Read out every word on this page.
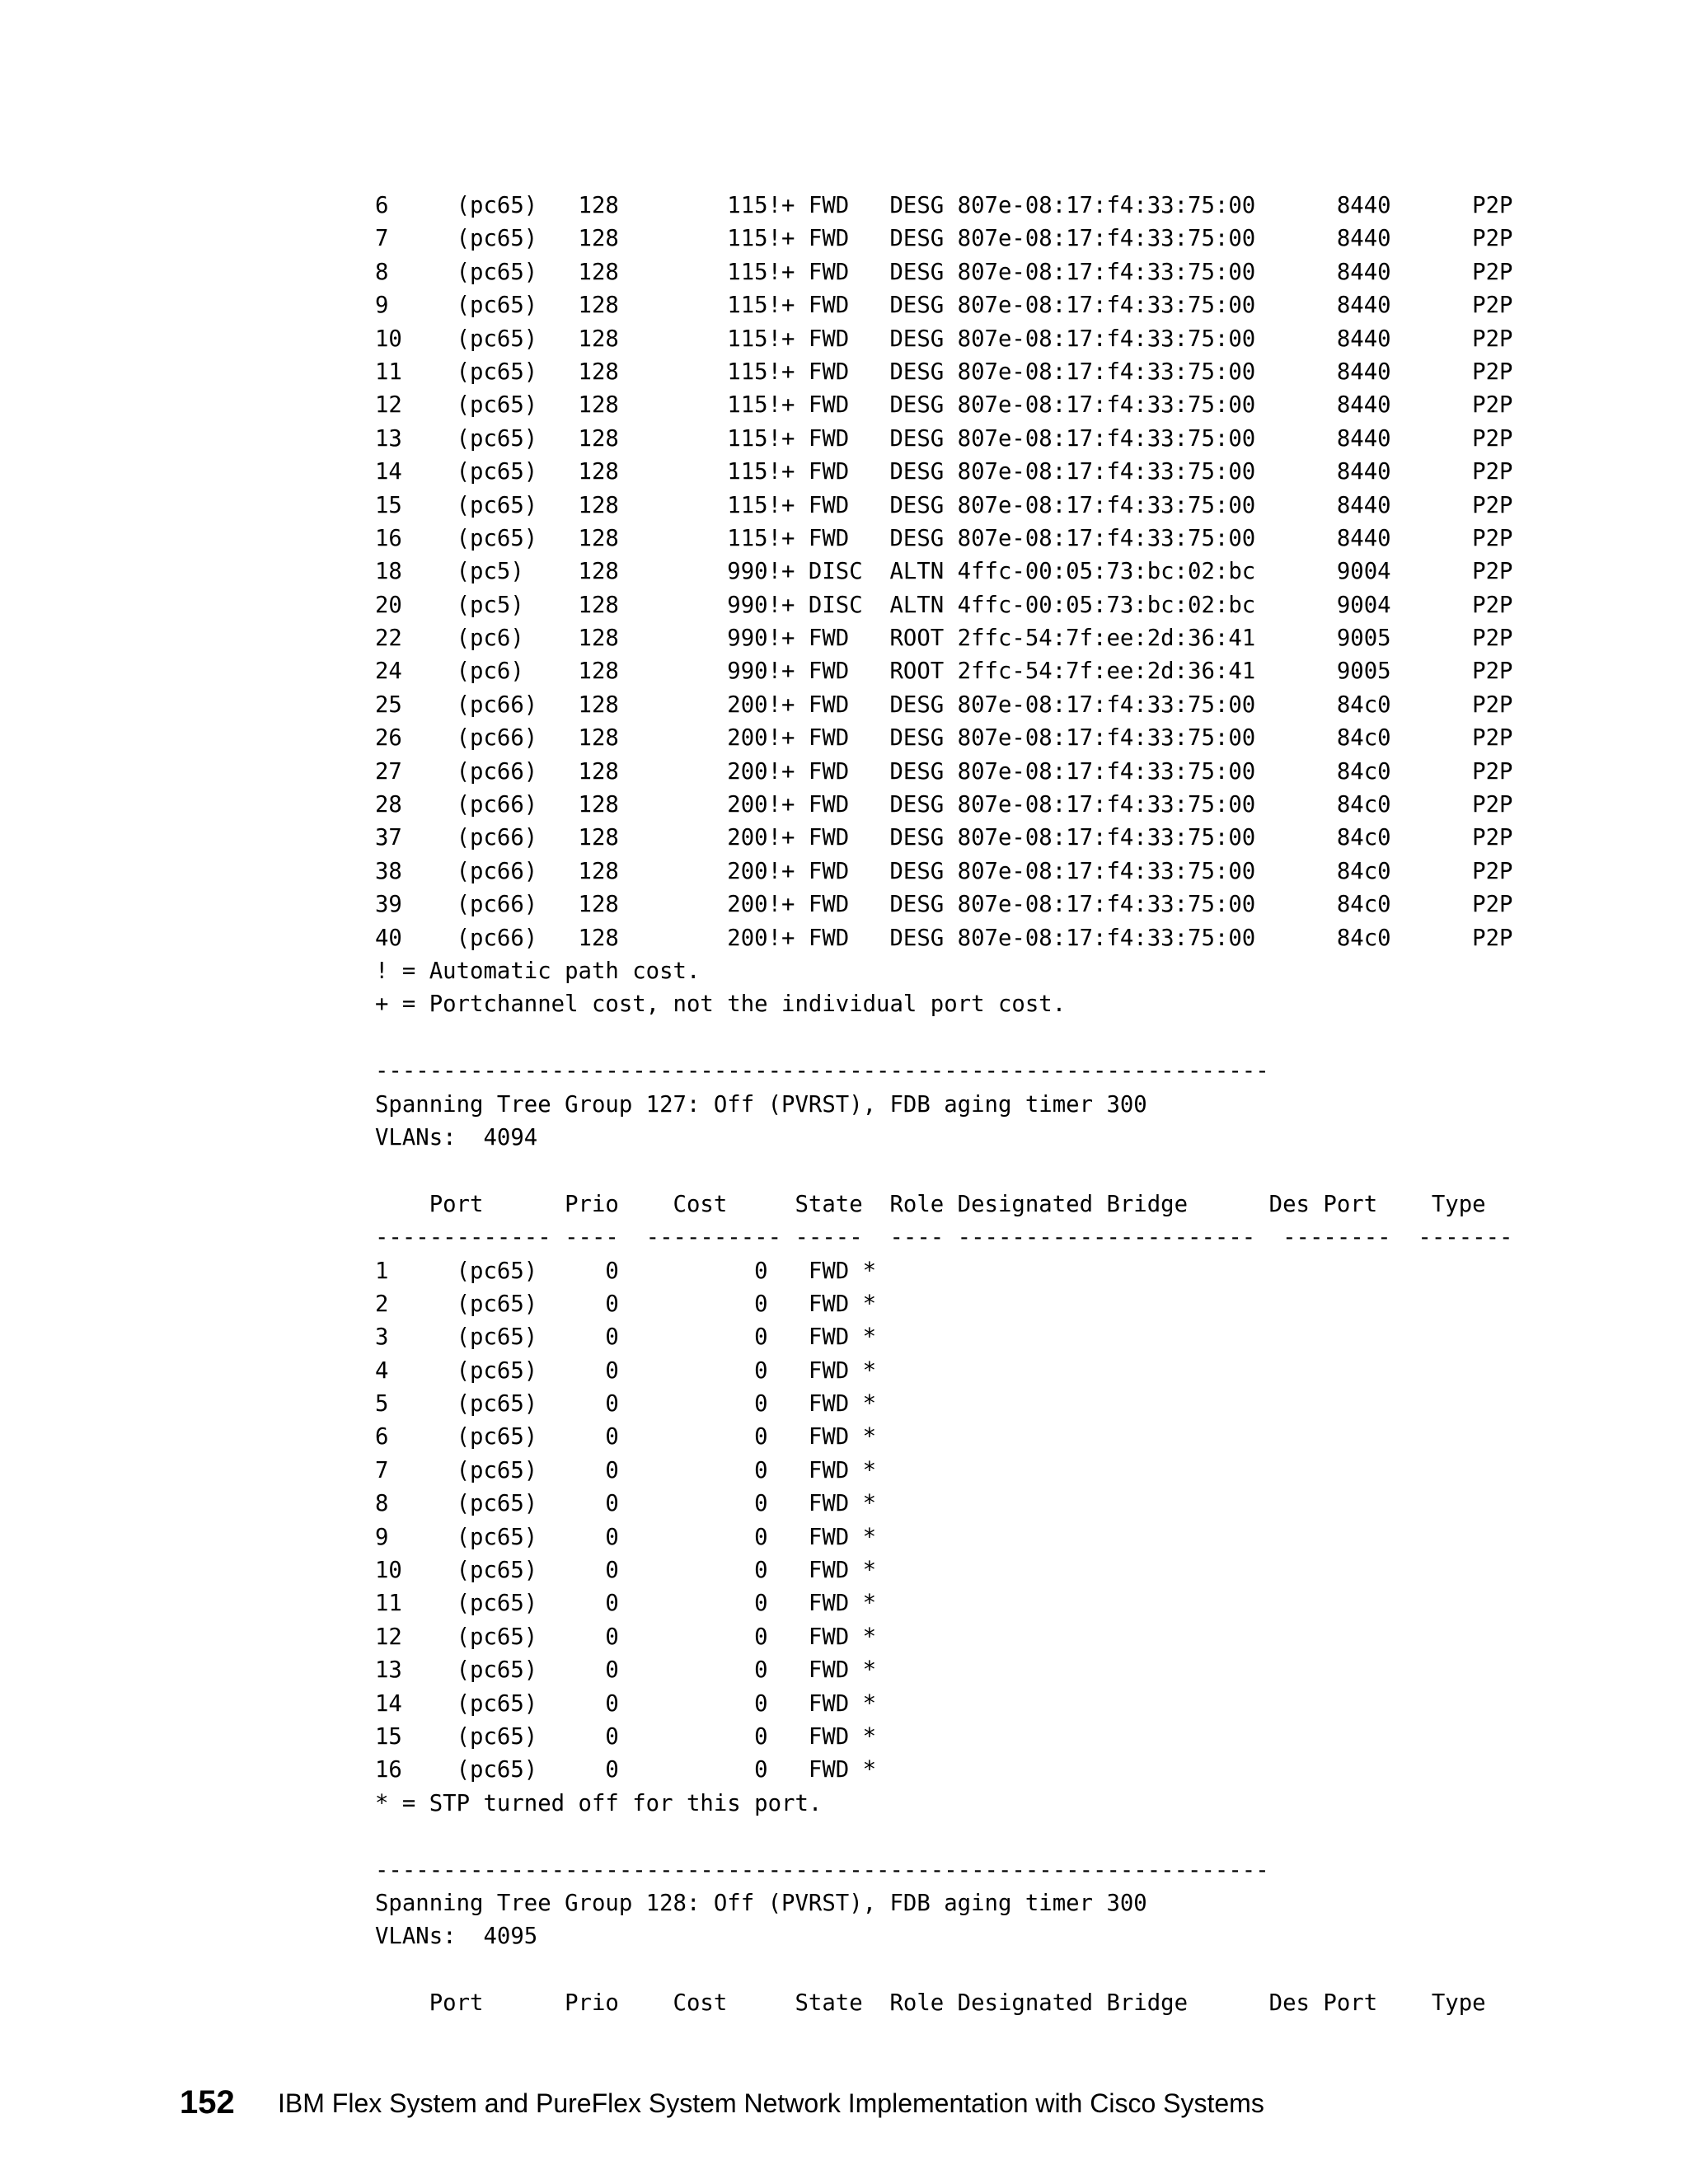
6     (pc65)   128        115!+ FWD   DESG 807e-08:17:f4:33:75:00      8440      P2P
7     (pc65)   128        115!+ FWD   DESG 807e-08:17:f4:33:75:00      8440      P2P
8     (pc65)   128        115!+ FWD   DESG 807e-08:17:f4:33:75:00      8440      P2P
9     (pc65)   128        115!+ FWD   DESG 807e-08:17:f4:33:75:00      8440      P2P
10    (pc65)   128        115!+ FWD   DESG 807e-08:17:f4:33:75:00      8440      P2P
11    (pc65)   128        115!+ FWD   DESG 807e-08:17:f4:33:75:00      8440      P2P
12    (pc65)   128        115!+ FWD   DESG 807e-08:17:f4:33:75:00      8440      P2P
13    (pc65)   128        115!+ FWD   DESG 807e-08:17:f4:33:75:00      8440      P2P
14    (pc65)   128        115!+ FWD   DESG 807e-08:17:f4:33:75:00      8440      P2P
15    (pc65)   128        115!+ FWD   DESG 807e-08:17:f4:33:75:00      8440      P2P
16    (pc65)   128        115!+ FWD   DESG 807e-08:17:f4:33:75:00      8440      P2P
18    (pc5)    128        990!+ DISC  ALTN 4ffc-00:05:73:bc:02:bc      9004      P2P
20    (pc5)    128        990!+ DISC  ALTN 4ffc-00:05:73:bc:02:bc      9004      P2P
22    (pc6)    128        990!+ FWD   ROOT 2ffc-54:7f:ee:2d:36:41      9005      P2P
24    (pc6)    128        990!+ FWD   ROOT 2ffc-54:7f:ee:2d:36:41      9005      P2P
25    (pc66)   128        200!+ FWD   DESG 807e-08:17:f4:33:75:00      84c0      P2P
26    (pc66)   128        200!+ FWD   DESG 807e-08:17:f4:33:75:00      84c0      P2P
27    (pc66)   128        200!+ FWD   DESG 807e-08:17:f4:33:75:00      84c0      P2P
28    (pc66)   128        200!+ FWD   DESG 807e-08:17:f4:33:75:00      84c0      P2P
37    (pc66)   128        200!+ FWD   DESG 807e-08:17:f4:33:75:00      84c0      P2P
38    (pc66)   128        200!+ FWD   DESG 807e-08:17:f4:33:75:00      84c0      P2P
39    (pc66)   128        200!+ FWD   DESG 807e-08:17:f4:33:75:00      84c0      P2P
40    (pc66)   128        200!+ FWD   DESG 807e-08:17:f4:33:75:00      84c0      P2P
! = Automatic path cost.
+ = Portchannel cost, not the individual port cost.

------------------------------------------------------------------
Spanning Tree Group 127: Off (PVRST), FDB aging timer 300
VLANs:  4094

Port      Prio    Cost     State  Role Designated Bridge      Des Port    Type
------------- ----  ---------- -----  ---- ----------------------  --------  -------
1     (pc65)     0          0   FWD *
2     (pc65)     0          0   FWD *
3     (pc65)     0          0   FWD *
4     (pc65)     0          0   FWD *
5     (pc65)     0          0   FWD *
6     (pc65)     0          0   FWD *
7     (pc65)     0          0   FWD *
8     (pc65)     0          0   FWD *
9     (pc65)     0          0   FWD *
10    (pc65)     0          0   FWD *
11    (pc65)     0          0   FWD *
12    (pc65)     0          0   FWD *
13    (pc65)     0          0   FWD *
14    (pc65)     0          0   FWD *
15    (pc65)     0          0   FWD *
16    (pc65)     0          0   FWD *
* = STP turned off for this port.

------------------------------------------------------------------
Spanning Tree Group 128: Off (PVRST), FDB aging timer 300
VLANs:  4095

Port      Prio    Cost     State  Role Designated Bridge      Des Port    Type
152 IBM Flex System and PureFlex System Network Implementation with Cisco Systems
